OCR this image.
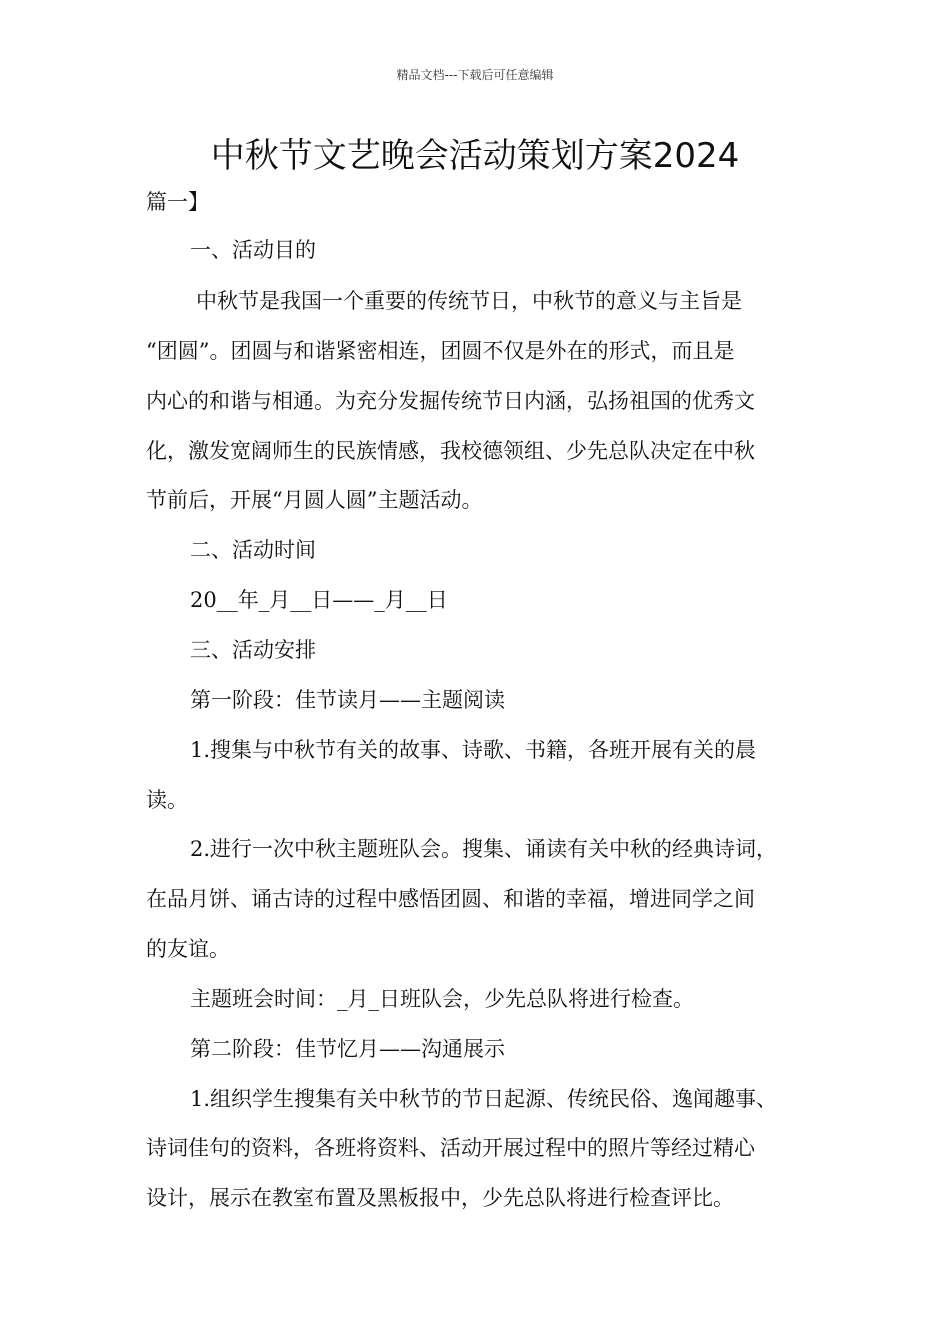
精品文档---下载后可任意编辑
中秋节文艺晚会活动策划方案2024
篇一】
一、活动目的
中秋节是我国一个重要的传统节日，中秋节的意义与主旨是
“团圆”。团圆与和谐紧密相连，团圆不仅是外在的形式，而且是
内心的和谐与相通。为充分发掘传统节日内涵，弘扬祖国的优秀文
化，激发宽阔师生的民族情感，我校德领组、少先总队决定在中秋
节前后，开展“月圆人圆”主题活动。
二、活动时间
20__年_月__日——_月__日
三、活动安排
第一阶段：佳节读月——主题阅读
1.搜集与中秋节有关的故事、诗歌、书籍，各班开展有关的晨
读。
2.进行一次中秋主题班队会。搜集、诵读有关中秋的经典诗词，
在品月饼、诵古诗的过程中感悟团圆、和谐的幸福，增进同学之间
的友谊。
主题班会时间：_月_日班队会，少先总队将进行检查。
第二阶段：佳节忆月——沟通展示
1.组织学生搜集有关中秋节的节日起源、传统民俗、逸闻趣事、
诗词佳句的资料，各班将资料、活动开展过程中的照片等经过精心
设计，展示在教室布置及黑板报中，少先总队将进行检查评比。
